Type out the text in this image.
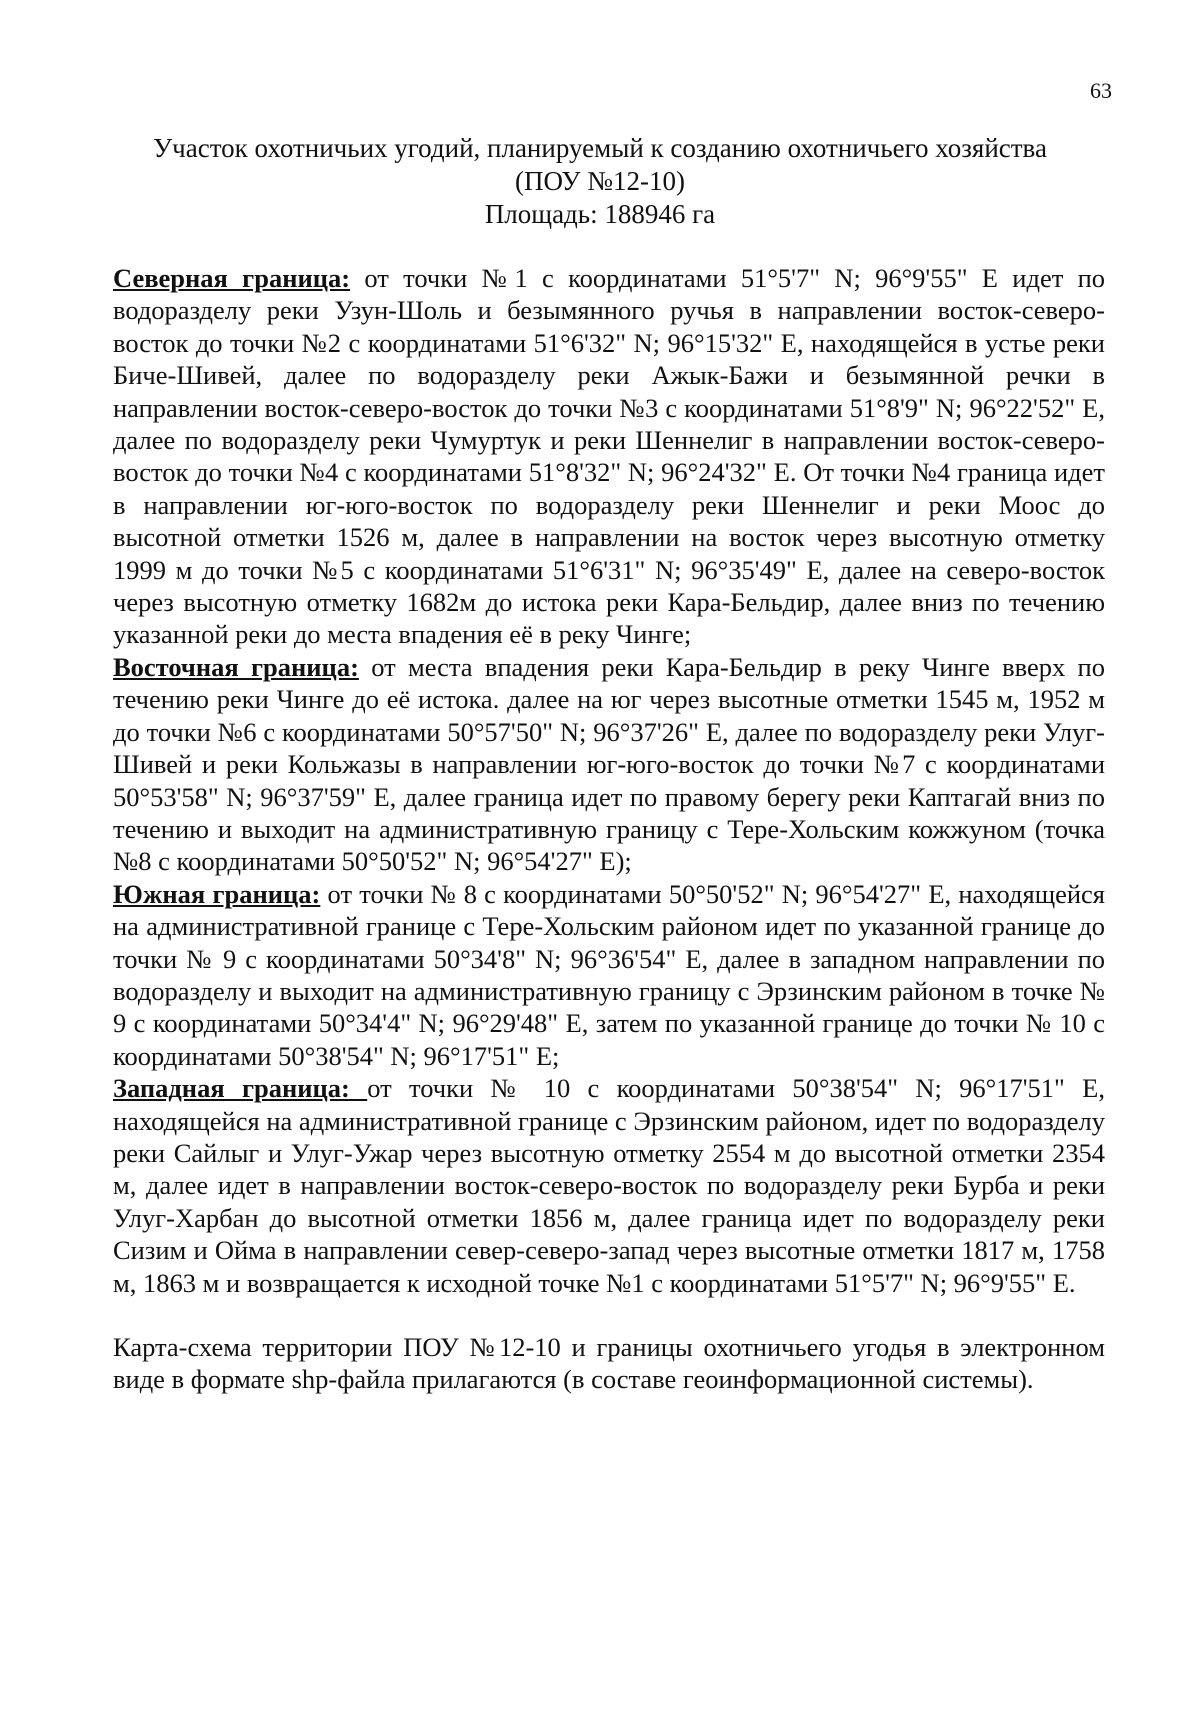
63
Участок охотничьих угодий, планируемый к созданию охотничьего хозяйства
(ПОУ №12-10)
Площадь: 188946 га

Северная граница: от точки №1 с координатами 51°5'7" N; 96°9'55" E идет по водоразделу реки Узун-Шоль и безымянного ручья в направлении восток-северо-восток до точки №2 с координатами 51°6'32" N; 96°15'32" E, находящейся в устье реки Биче-Шивей, далее по водоразделу реки Ажык-Бажи и безымянной речки в направлении восток-северо-восток до точки №3 с координатами 51°8'9" N; 96°22'52" E, далее по водоразделу реки Чумуртук и реки Шеннелиг в направлении восток-северо-восток до точки №4 с координатами 51°8'32" N; 96°24'32" E. От точки №4 граница идет в направлении юг-юго-восток по водоразделу реки Шеннелиг и реки Моос до высотной отметки 1526 м, далее в направлении на восток через высотную отметку 1999 м до точки №5 с координатами 51°6'31" N; 96°35'49" E, далее на северо-восток через высотную отметку 1682м до истока реки Кара-Бельдир, далее вниз по течению указанной реки до места впадения её в реку Чинге;

Восточная граница: от места впадения реки Кара-Бельдир в реку Чинге вверх по течению реки Чинге до её истока. далее на юг через высотные отметки 1545 м, 1952 м до точки №6 с координатами 50°57'50" N; 96°37'26" E, далее по водоразделу реки Улуг-Шивей и реки Кольжазы в направлении юг-юго-восток до точки №7 с координатами 50°53'58" N; 96°37'59" E, далее граница идет по правому берегу реки Каптагай вниз по течению и выходит на административную границу с Тере-Хольским кожжуном (точка №8 с координатами 50°50'52" N; 96°54'27" E);

Южная граница: от точки № 8 с координатами 50°50'52" N; 96°54'27" E, находящейся на административной границе с Тере-Хольским районом идет по указанной границе до точки № 9 с координатами 50°34'8" N; 96°36'54" E, далее в западном направлении по водоразделу и выходит на административную границу с Эрзинским районом в точке № 9 с координатами 50°34'4" N; 96°29'48" E, затем по указанной границе до точки № 10 с координатами 50°38'54" N; 96°17'51" E;

Западная граница: от точки № 10 с координатами 50°38'54" N; 96°17'51" E, находящейся на административной границе с Эрзинским районом, идет по водоразделу реки Сайлыг и Улуг-Ужар через высотную отметку 2554 м до высотной отметки 2354 м, далее идет в направлении восток-северо-восток по водоразделу реки Бурба и реки Улуг-Харбан до высотной отметки 1856 м, далее граница идет по водоразделу реки Сизим и Ойма в направлении север-северо-запад через высотные отметки 1817 м, 1758 м, 1863 м и возвращается к исходной точке №1 с координатами 51°5'7" N; 96°9'55" E.

Карта-схема территории ПОУ №12-10 и границы охотничьего угодья в электронном виде в формате shp-файла прилагаются (в составе геоинформационной системы).
